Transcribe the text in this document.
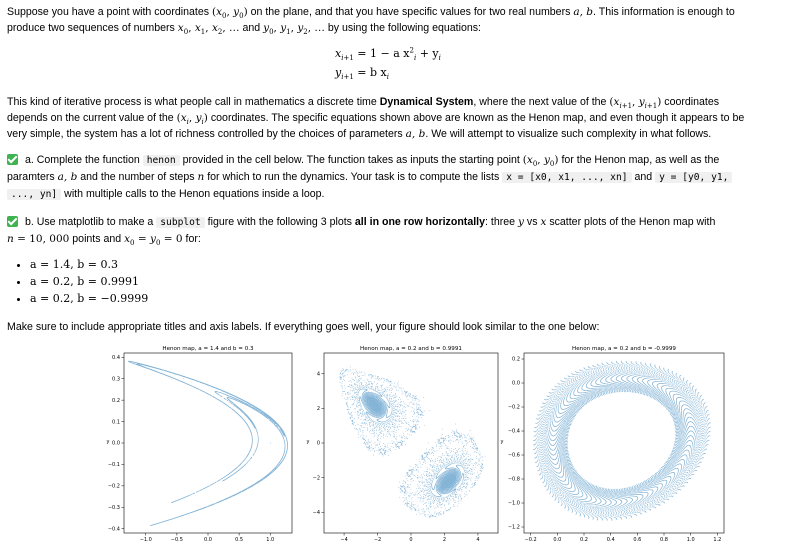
Suppose you have a point with coordinates ($x_0$, $y_0$) on the plane, and that you have specific values for two real numbers a, b. This information is enough to
produce two sequences of numbers $x_0$, $x_1$, $x_2$, … and $y_0$, $y_1$, $y_2$, … by using the following equations:

$x_{i+1} = 1 - a$ $x^2_i + y_i$
$y_{i+1} = b$ $x_i$

This kind of iterative process is what people call in mathematics a discrete time Dynamical System, where the next value of the ($x_{i+1}$, $y_{i+1}$) coordinates
depends on the current value of the ($x_i$, $y_i$) coordinates. The specific equations shown above are known as the Henon map, and even though it appears to be
very simple, the system has a lot of richness controlled by the choices of parameters a, b. We will attempt to visualize such complexity in what follows.

a. Complete the function henon provided in the cell below. The function takes as inputs the starting point ($x_0$, $y_0$) for the Henon map, as well as the
paramters a, b and the number of steps n for which to run the dynamics. Your task is to compute the lists x = [x0, x1, ..., xn] and y = [y0, y1,
..., yn] with multiple calls to the Henon equations inside a loop.

b. Use matplotlib to make a subplot figure with the following 3 plots all in one row horizontally: three y vs x scatter plots of the Henon map with
n = 10, 000 points and $x_0 = y_0 = 0$ for:

• a = 1.4, b = 0.3
• a = 0.2, b = 0.9991
• a = 0.2, b = −0.9999

Make sure to include appropriate titles and axis labels. If everything goes well, your figure should look similar to the one below:

Henon map, a = 1.4 and b = 0.3
−1.0	−0.5	0.0	0.5	1.0
0.4
0.3
0.2
0.1
0.0
−0.1
−0.2
−0.3
−0.4
y
Henon map, a = 0.2 and b = 0.9991
−4	−2	0	2	4
4
2
0
−2
−4
y
Henon map, a = 0.2 and b = -0.9999
−0.2	0.0	0.2	0.4	0.6	0.8	1.0	1.2
0.2
0.0
−0.2
−0.4
−0.6
−0.8
−1.0
−1.2
y
